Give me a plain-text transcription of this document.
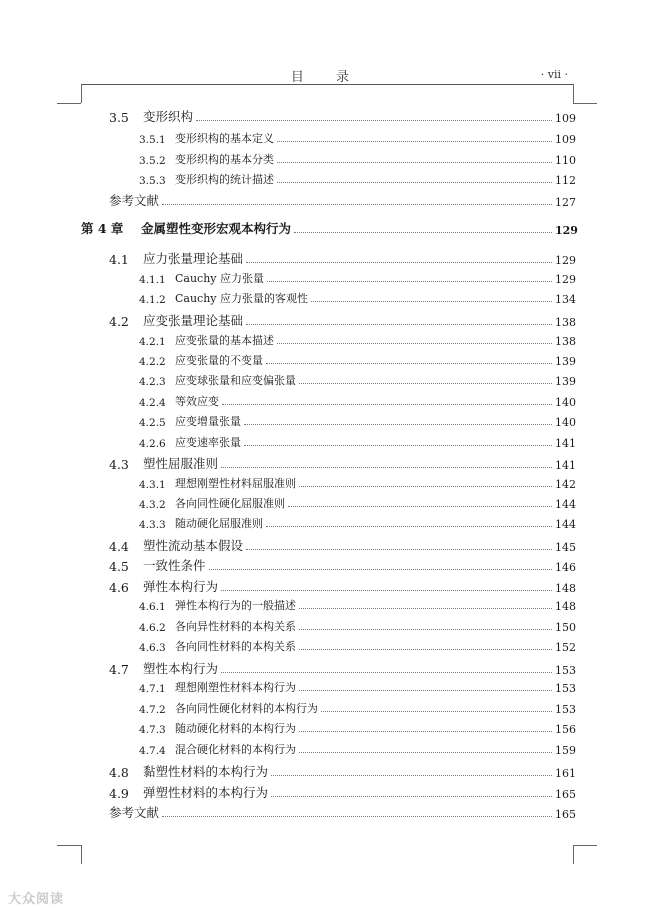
目 录	· vii ·
3.5	变形织构	109
3.5.1 变形织构的基本定义	109
3.5.2 变形织构的基本分类	110
3.5.3 变形织构的统计描述	112
参考文献	127
第 4 章	金属塑性变形宏观本构行为	129
4.1	应力张量理论基础	129
4.1.1 Cauchy 应力张量	129
4.1.2 Cauchy 应力张量的客观性	134
4.2	应变张量理论基础	138
4.2.1 应变张量的基本描述	138
4.2.2 应变张量的不变量	139
4.2.3 应变球张量和应变偏张量	139
4.2.4 等效应变	140
4.2.5 应变增量张量	140
4.2.6 应变速率张量	141
4.3	塑性屈服准则	141
4.3.1 理想刚塑性材料屈服准则	142
4.3.2 各向同性硬化屈服准则	144
4.3.3 随动硬化屈服准则	144
4.4	塑性流动基本假设	145
4.5	一致性条件	146
4.6	弹性本构行为	148
4.6.1 弹性本构行为的一般描述	148
4.6.2 各向异性材料的本构关系	150
4.6.3 各向同性材料的本构关系	152
4.7	塑性本构行为	153
4.7.1 理想刚塑性材料本构行为	153
4.7.2 各向同性硬化材料的本构行为	153
4.7.3 随动硬化材料的本构行为	156
4.7.4 混合硬化材料的本构行为	159
4.8	黏塑性材料的本构行为	161
4.9	弹塑性材料的本构行为	165
参考文献	165
大众阅读
